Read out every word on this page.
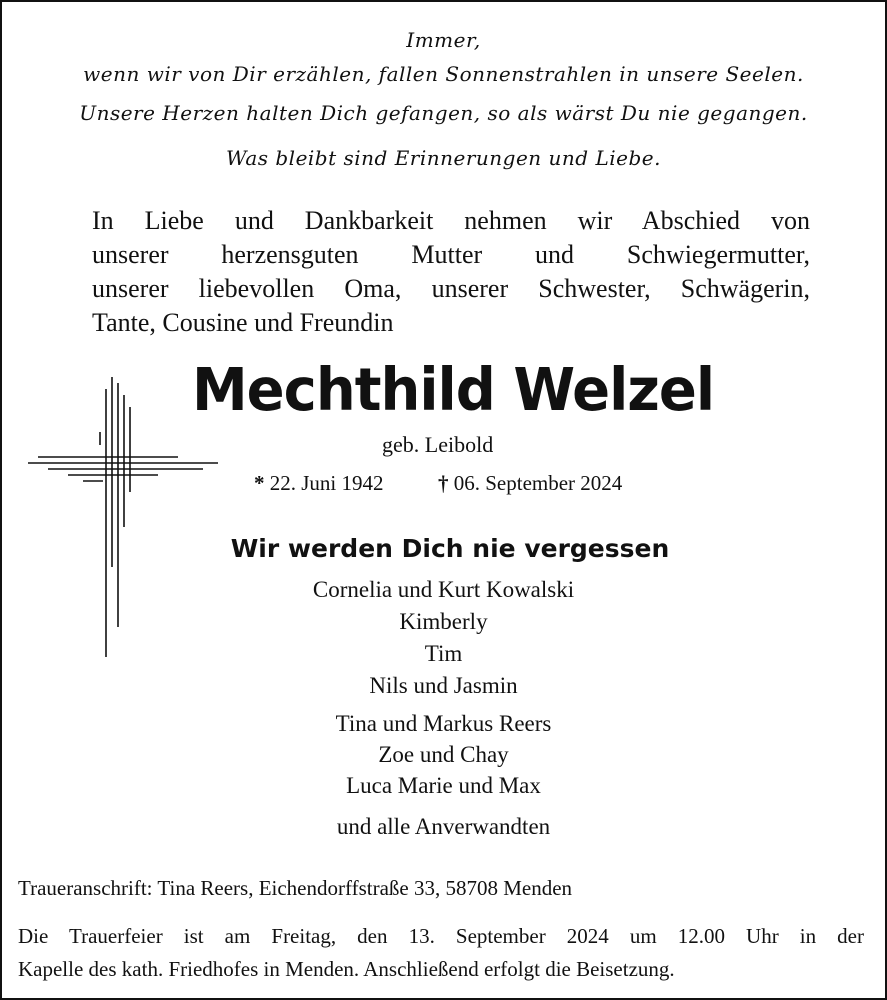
Immer,
wenn wir von Dir erzählen, fallen Sonnenstrahlen in unsere Seelen.
Unsere Herzen halten Dich gefangen, so als wärst Du nie gegangen.
Was bleibt sind Erinnerungen und Liebe.
In Liebe und Dankbarkeit nehmen wir Abschied von
unserer herzensguten Mutter und Schwiegermutter,
unserer liebevollen Oma, unserer Schwester, Schwägerin,
Tante, Cousine und Freundin
Mechthild Welzel
geb. Leibold
* 22. Juni 1942	† 06. September 2024
Wir werden Dich nie vergessen
Cornelia und Kurt Kowalski
Kimberly
Tim
Nils und Jasmin
Tina und Markus Reers
Zoe und Chay
Luca Marie und Max
und alle Anverwandten
Traueranschrift: Tina Reers, Eichendorffstraße 33, 58708 Menden
Die Trauerfeier ist am Freitag, den 13. September 2024 um 12.00 Uhr in der
Kapelle des kath. Friedhofes in Menden. Anschließend erfolgt die Beisetzung.
